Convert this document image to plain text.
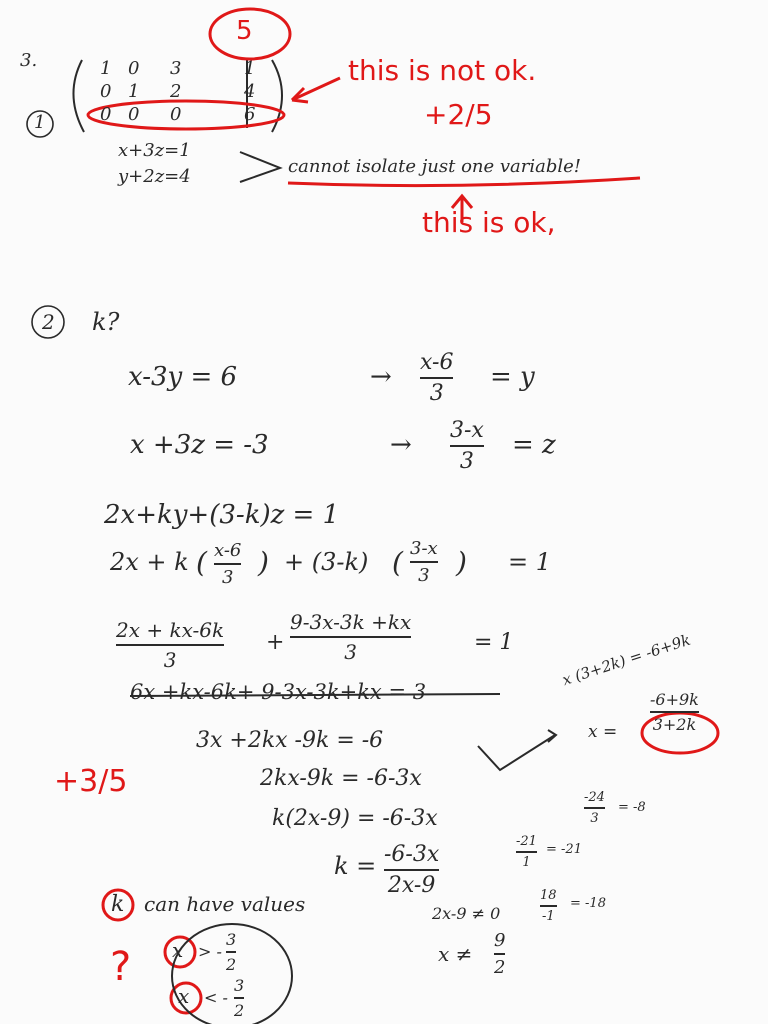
3.
1
1 0	3	1
0 1	2	4
0 0	0	6
x+3z=1
y+2z=4	cannot isolate just one variable!
5
this is not ok.
+2/5
this is ok,
2 k?
x-3y = 6	→ x-6
3
= y
x +3z = -3	→ 3-x
3
= z
2x+ky+(3-k)z = 1
2x + k ( x-6
3 ) + (3-k) ( 3-x
3 ) = 1
2x + kx-6k
3
+
9-3x-3k +kx
3	= 1
6x +kx-6k+ 9-3x-3k+kx = 3
3x +2kx -9k = -6
2kx-9k = -6-3x
k(2x-9) = -6-3x
k = -6-3x
2x-9
2x-9 ≠ 0
x ≠
9
2
x (3+2k) = -6+9k
x =
-6+9k
3+2k
-24
3
= -8
-21
1
= -21
18
-1
= -18
k can have values
x > -
3
2
x < -
3
2
+3/5
?
